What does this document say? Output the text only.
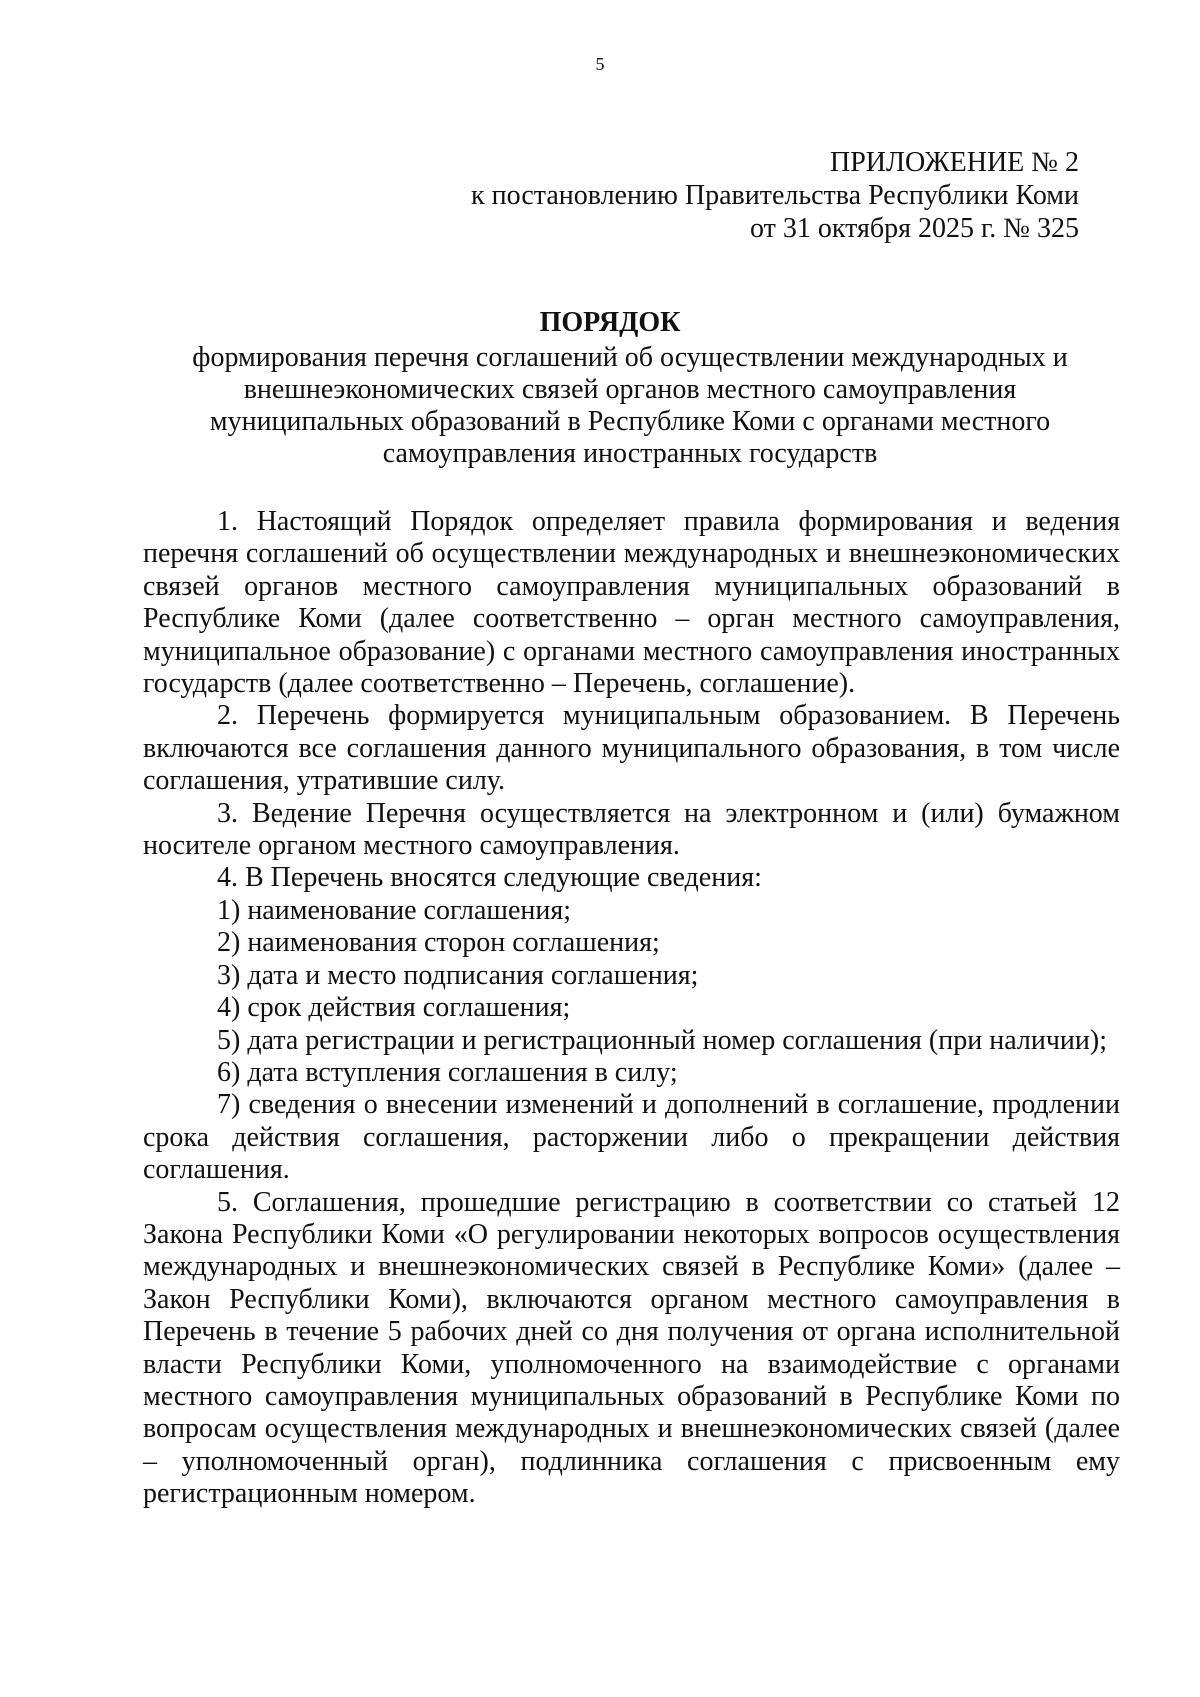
5
ПРИЛОЖЕНИЕ № 2
к постановлению Правительства Республики Коми
от 31 октября 2025 г. № 325
ПОРЯДОК
формирования перечня соглашений об осуществлении международных и
внешнеэкономических связей органов местного самоуправления
муниципальных образований в Республике Коми с органами местного
самоуправления иностранных государств

1. Настоящий Порядок определяет правила формирования и ведения перечня соглашений об осуществлении международных и внешнеэкономических связей органов местного самоуправления муниципальных образований в Республике Коми (далее соответственно – орган местного самоуправления, муниципальное образование) с органами местного самоуправления иностранных государств (далее соответственно – Перечень, соглашение).

2. Перечень формируется муниципальным образованием. В Перечень включаются все соглашения данного муниципального образования, в том числе соглашения, утратившие силу.

3. Ведение Перечня осуществляется на электронном и (или) бумажном носителе органом местного самоуправления.

4. В Перечень вносятся следующие сведения:

1) наименование соглашения;

2) наименования сторон соглашения;

3) дата и место подписания соглашения;

4) срок действия соглашения;

5) дата регистрации и регистрационный номер соглашения (при наличии);

6) дата вступления соглашения в силу;

7) сведения о внесении изменений и дополнений в соглашение, продлении срока действия соглашения, расторжении либо о прекращении действия соглашения.

5. Соглашения, прошедшие регистрацию в соответствии со статьей 12 Закона Республики Коми «О регулировании некоторых вопросов осуществления международных и внешнеэкономических связей в Республике Коми» (далее – Закон Республики Коми), включаются органом местного самоуправления в Перечень в течение 5 рабочих дней со дня получения от органа исполнительной власти Республики Коми, уполномоченного на взаимодействие с органами местного самоуправления муниципальных образований в Республике Коми по вопросам осуществления международных и внешнеэкономических связей (далее – уполномоченный орган), подлинника соглашения с присвоенным ему регистрационным номером.
